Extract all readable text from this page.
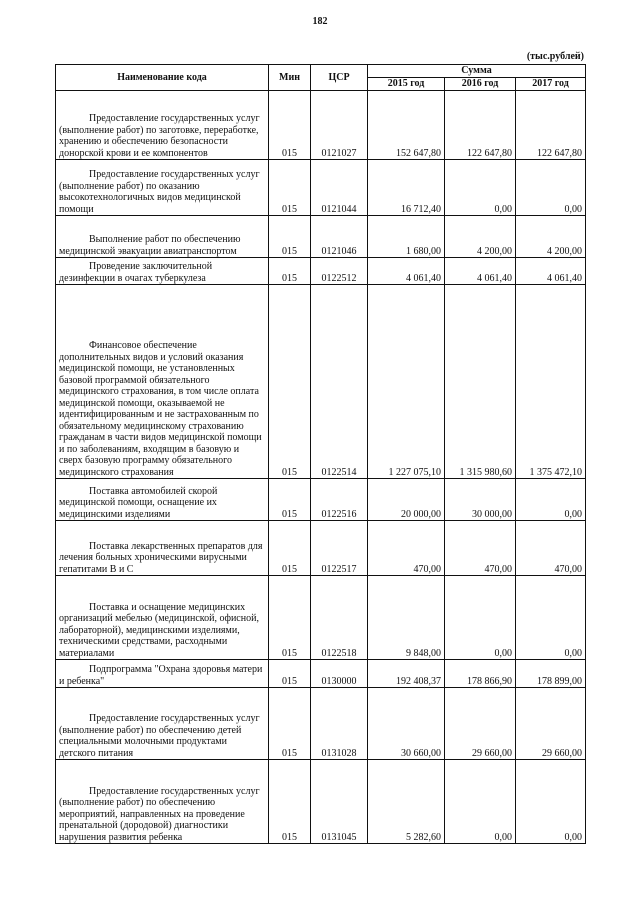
182
(тыс.рублей)
Наименование кода	Мин	ЦСР	Сумма		
			2015 год	2016 год	2017 год
Предоставление государственных услуг (выполнение работ) по заготовке, переработке, хранению и обеспечению безопасности донорской крови и ее компонентов	015	0121027	152 647,80	122 647,80	122 647,80
Предоставление государственных услуг (выполнение работ) по оказанию высокотехнологичных видов медицинской помощи	015	0121044	16 712,40	0,00	0,00
Выполнение работ по обеспечению медицинской эвакуации авиатранспортом	015	0121046	1 680,00	4 200,00	4 200,00
Проведение заключительной дезинфекции в очагах туберкулеза	015	0122512	4 061,40	4 061,40	4 061,40
Финансовое обеспечение дополнительных видов и условий оказания медицинской помощи, не установленных базовой программой обязательного медицинского страхования, в том числе оплата медицинской помощи, оказываемой не идентифицированным и не застрахованным по обязательному медицинскому страхованию гражданам в части видов медицинской помощи и по заболеваниям, входящим в базовую и сверх базовую программу обязательного медицинского страхования	015	0122514	1 227 075,10	1 315 980,60	1 375 472,10
Поставка автомобилей скорой медицинской помощи, оснащение их медицинскими изделиями	015	0122516	20 000,00	30 000,00	0,00
Поставка лекарственных препаратов для лечения больных хроническими вирусными гепатитами В и С	015	0122517	470,00	470,00	470,00
Поставка и оснащение медицинских организаций мебелью (медицинской, офисной, лабораторной), медицинскими изделиями, техническими средствами, расходными материалами	015	0122518	9 848,00	0,00	0,00
Подпрограмма "Охрана здоровья матери и ребенка"	015	0130000	192 408,37	178 866,90	178 899,00
Предоставление государственных услуг (выполнение работ) по обеспечению детей специальными молочными продуктами детского питания	015	0131028	30 660,00	29 660,00	29 660,00
Предоставление государственных услуг (выполнение работ) по обеспечению мероприятий, направленных на проведение пренатальной (дородовой) диагностики нарушения развития ребенка	015	0131045	5 282,60	0,00	0,00
